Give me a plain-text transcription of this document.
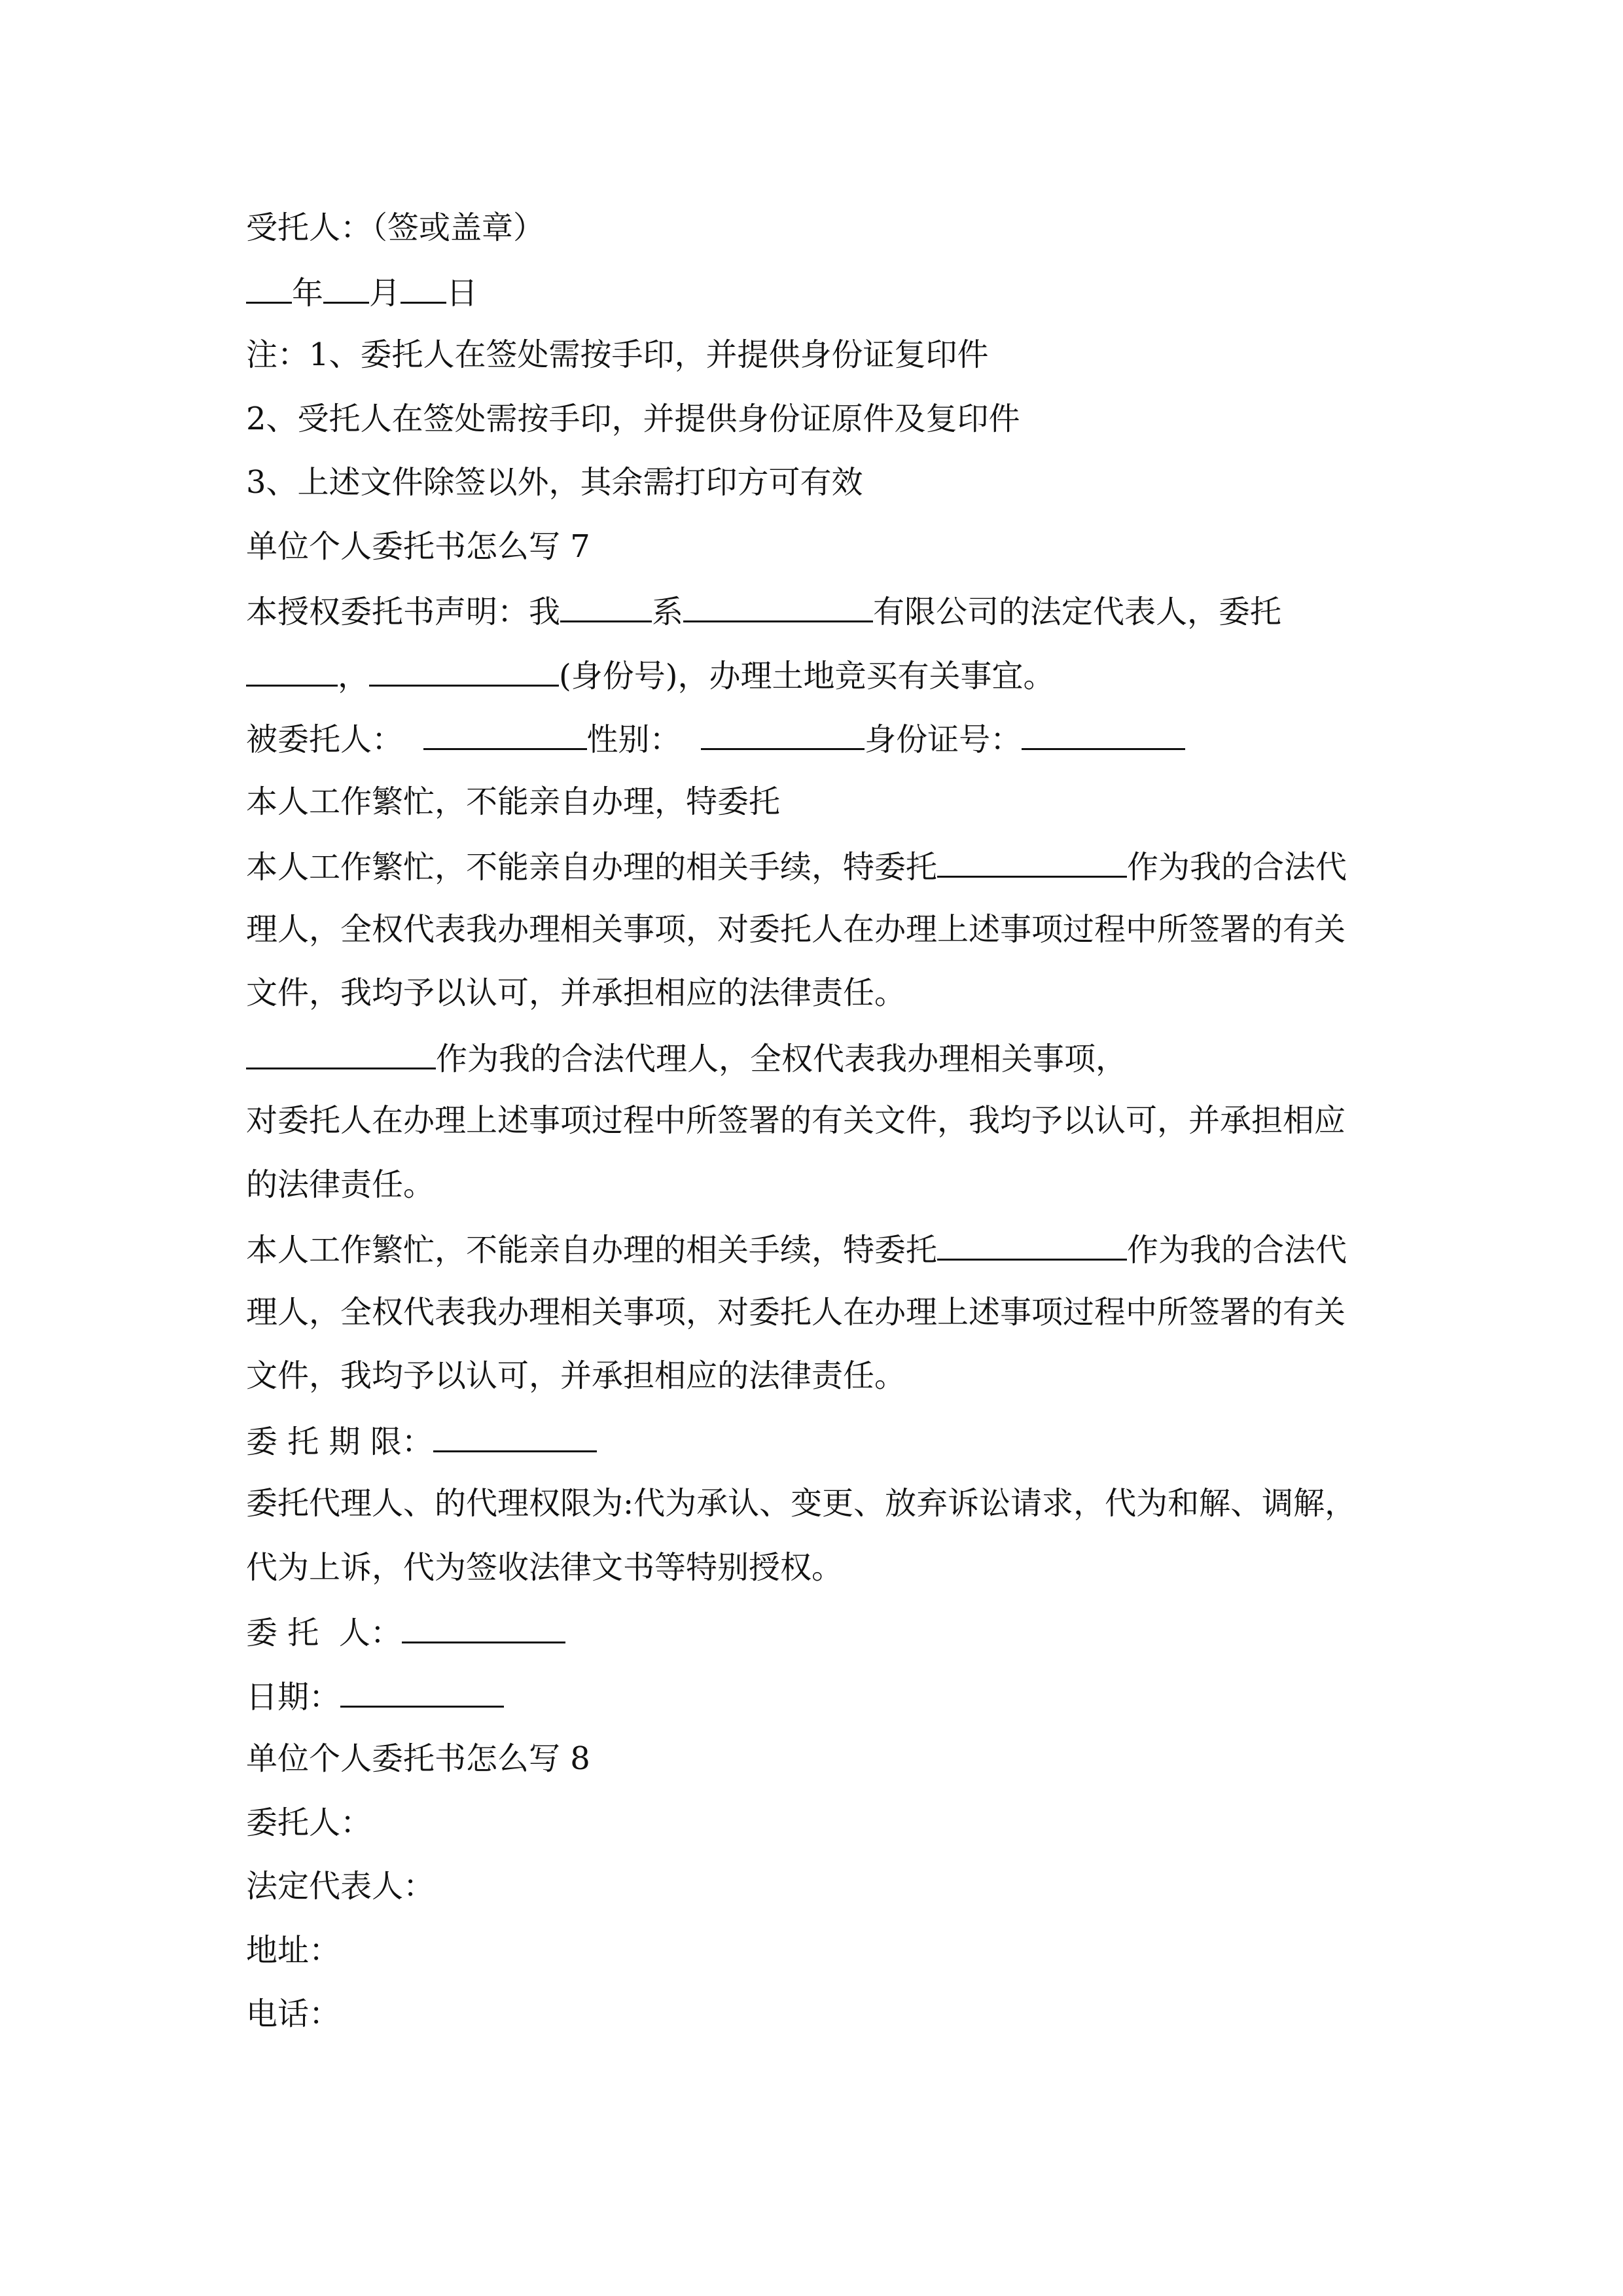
受托人：（签或盖章）
年 月 日
注：1、委托人在签处需按手印，并提供身份证复印件
2、受托人在签处需按手印，并提供身份证原件及复印件
3、上述文件除签以外，其余需打印方可有效
单位个人委托书怎么写 7
本授权委托书声明：我	系	有限公司的法定代表人，委托
，	(身份号)，办理土地竞买有关事宜。
被委托人：	性别：	身份证号：
本人工作繁忙，不能亲自办理，特委托
本人工作繁忙，不能亲自办理的相关手续，特委托	作为我的合法代
理人，全权代表我办理相关事项，对委托人在办理上述事项过程中所签署的有关
文件，我均予以认可，并承担相应的法律责任。
作为我的合法代理人，全权代表我办理相关事项，
对委托人在办理上述事项过程中所签署的有关文件，我均予以认可，并承担相应
的法律责任。
本人工作繁忙，不能亲自办理的相关手续，特委托	作为我的合法代
理人，全权代表我办理相关事项，对委托人在办理上述事项过程中所签署的有关
文件，我均予以认可，并承担相应的法律责任。
委 托 期 限：
委托代理人、的代理权限为:代为承认、变更、放弃诉讼请求，代为和解、调解，
代为上诉，代为签收法律文书等特别授权。
委 托  人：
日期：
单位个人委托书怎么写 8
委托人：
法定代表人：
地址：
电话：
